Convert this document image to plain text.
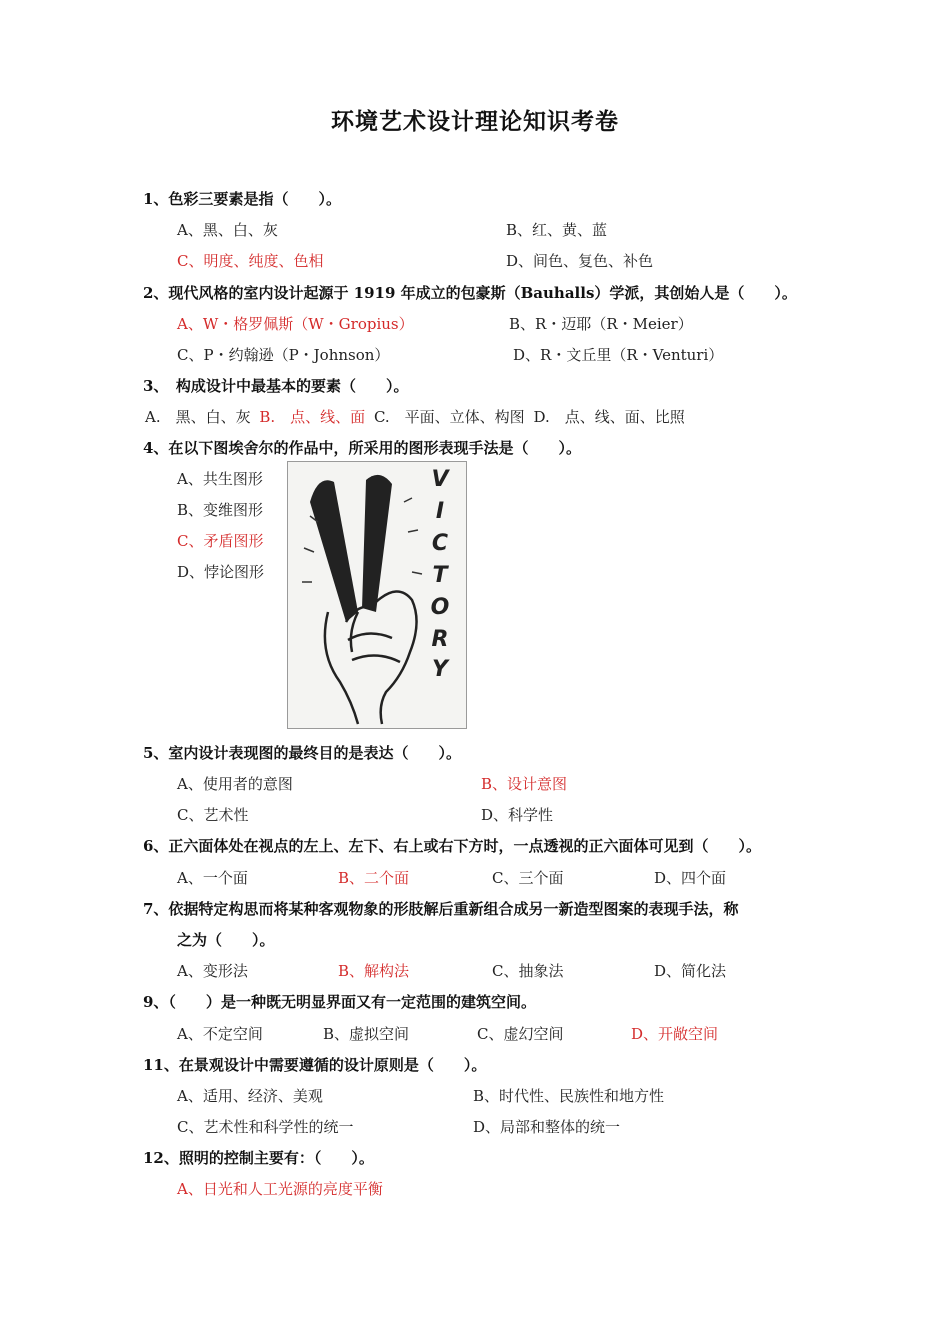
环境艺术设计理论知识考卷
1、色彩三要素是指（　　）。
A、黑、白、灰	B、红、黄、蓝
C、明度、纯度、色相	D、间色、复色、补色
2、现代风格的室内设计起源于 1919 年成立的包豪斯（Bauhalls）学派，其创始人是（　　）。
A、W・格罗佩斯（W・Gropius）	B、R・迈耶（R・Meier）
C、P・约翰逊（P・Johnson）	D、R・文丘里（R・Venturi）
3、　构成设计中最基本的要素（　　）。
A.　黑、白、灰 B.　点、线、面 C.　平面、立体、构图 D.　点、线、面、比照
4、在以下图埃舍尔的作品中，所采用的图形表现手法是（　　）。
A、共生图形
B、变维图形
C、矛盾图形
D、悖论图形
V
I
C
T
O
R
Y
5、室内设计表现图的最终目的是表达（　　）。
A、使用者的意图	B、设计意图
C、艺术性	D、科学性
6、正六面体处在视点的左上、左下、右上或右下方时，一点透视的正六面体可见到（　　）。
A、一个面	B、二个面	C、三个面	D、四个面
7、依据特定构思而将某种客观物象的形肢解后重新组合成另一新造型图案的表现手法，称
之为（　　）。
A、变形法	B、解构法	C、抽象法	D、简化法
9、（　　）是一种既无明显界面又有一定范围的建筑空间。
A、不定空间	B、虚拟空间	C、虚幻空间	D、开敞空间
11、在景观设计中需要遵循的设计原则是（　　）。
A、适用、经济、美观	B、时代性、民族性和地方性
C、艺术性和科学性的统一	D、局部和整体的统一
12、照明的控制主要有：（　　）。
A、日光和人工光源的亮度平衡
